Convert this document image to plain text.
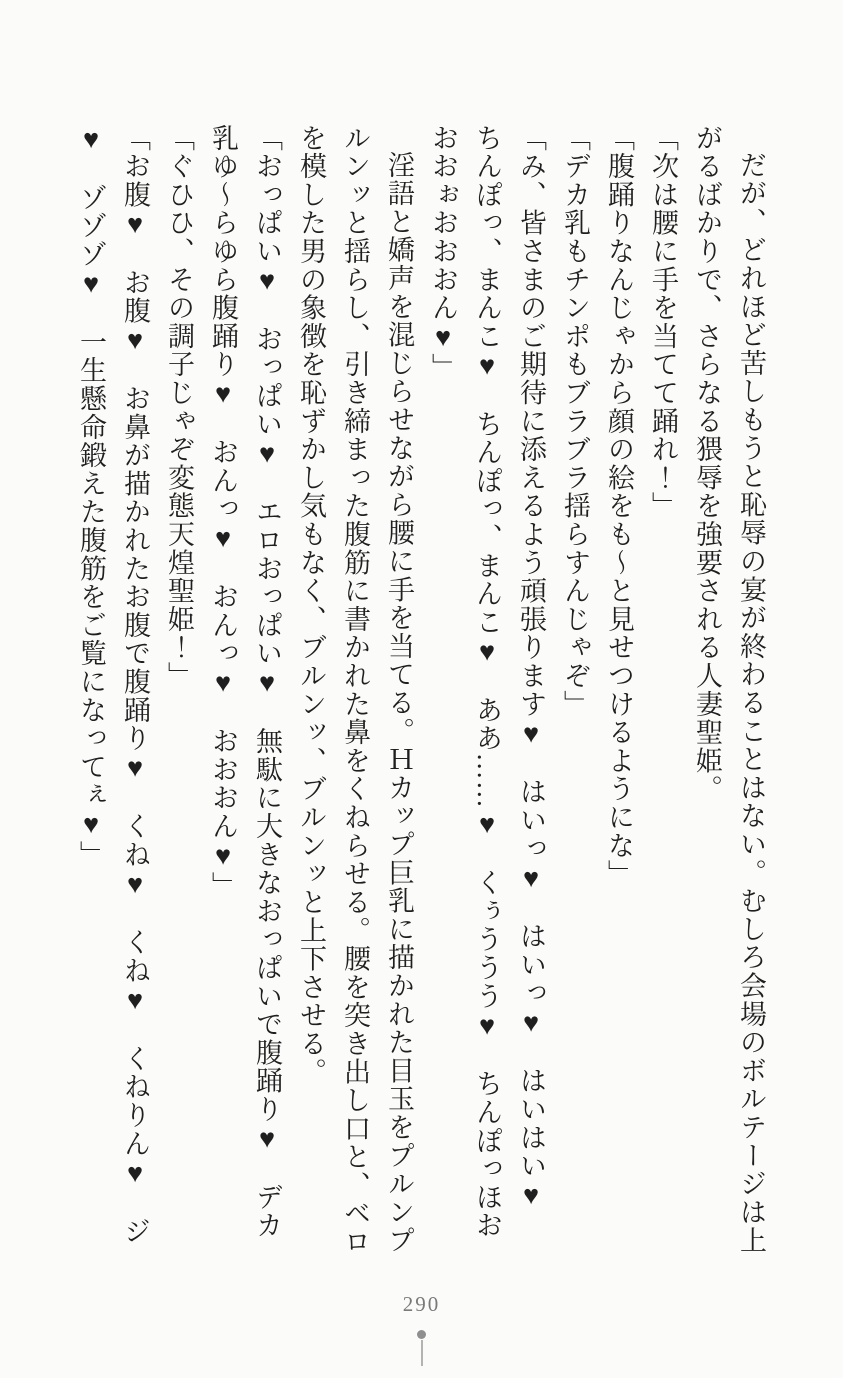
だが、どれほど苦しもうと恥辱の宴が終わることはない。むしろ会場のボルテージは上がるばかりで、さらなる猥辱を強要される人妻聖姫。

「次は腰に手を当てて踊れ！」

「腹踊りなんじゃから顔の絵をも～と見せつけるようにな」

「デカ乳もチンポもブラブラ揺らすんじゃぞ」

「み、皆さまのご期待に添えるよう頑張ります♥　はいっ♥　はいっ♥　はいはい♥　ちんぽっ、まんこ♥　ちんぽっ、まんこ♥　ああ……♥　くぅううう♥　ちんぽっほおおおぉおおおん♥」

淫語と嬌声を混じらせながら腰に手を当てる。Ｈカップ巨乳に描かれた目玉をプルンプルンッと揺らし、引き締まった腹筋に書かれた鼻をくねらせる。腰を突き出し口と、ベロを模した男の象徴を恥ずかし気もなく、ブルンッ、ブルンッと上下させる。

「おっぱい♥　おっぱい♥　エロおっぱい♥　無駄に大きなおっぱいで腹踊り♥　デカ乳ゆ～らゆら腹踊り♥　おんっ♥　おんっ♥　おおおん♥」

「ぐひひ、その調子じゃぞ変態天煌聖姫！」

「お腹♥　お腹♥　お鼻が描かれたお腹で腹踊り♥　くね♥　くね♥　くねりん♥　ジ♥　ゾゾゾ♥　一生懸命鍛えた腹筋をご覧になってぇ♥」

290
